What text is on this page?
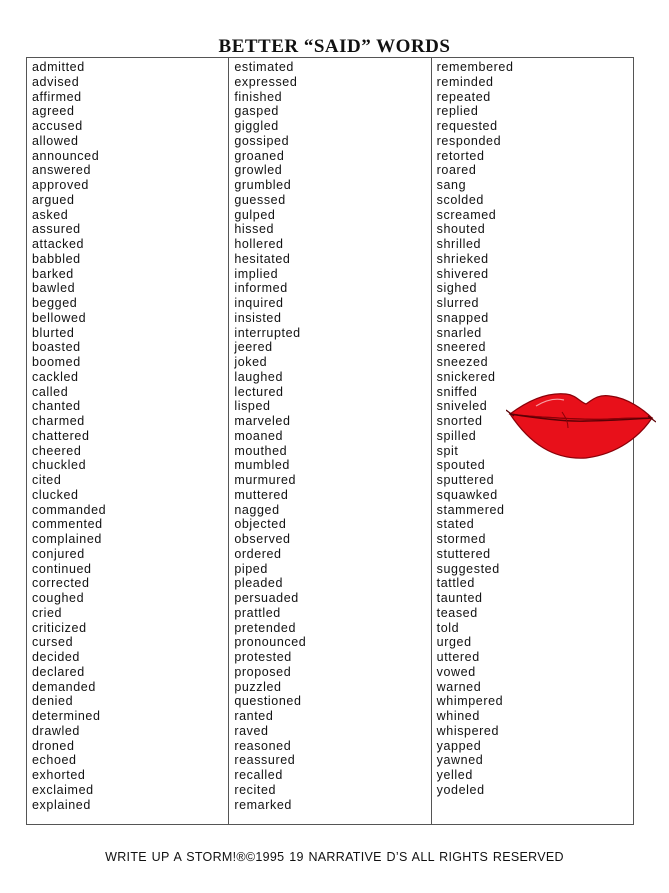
BETTER “SAID” WORDS
admitted
advised
affirmed
agreed
accused
allowed
announced
answered
approved
argued
asked
assured
attacked
babbled
barked
bawled
begged
bellowed
blurted
boasted
boomed
cackled
called
chanted
charmed
chattered
cheered
chuckled
cited
clucked
commanded
commented
complained
conjured
continued
corrected
coughed
cried
criticized
cursed
decided
declared
demanded
denied
determined
drawled
droned
echoed
exhorted
exclaimed
explained
estimated
expressed
finished
gasped
giggled
gossiped
groaned
growled
grumbled
guessed
gulped
hissed
hollered
hesitated
implied
informed
inquired
insisted
interrupted
jeered
joked
laughed
lectured
lisped
marveled
moaned
mouthed
mumbled
murmured
muttered
nagged
objected
observed
ordered
piped
pleaded
persuaded
prattled
pretended
pronounced
protested
proposed
puzzled
questioned
ranted
raved
reasoned
reassured
recalled
recited
remarked
remembered
reminded
repeated
replied
requested
responded
retorted
roared
sang
scolded
screamed
shouted
shrilled
shrieked
shivered
sighed
slurred
snapped
snarled
sneered
sneezed
snickered
sniffed
sniveled
snorted
spilled
spit
spouted
sputtered
squawked
stammered
stated
stormed
stuttered
suggested
tattled
taunted
teased
told
urged
uttered
vowed
warned
whimpered
whined
whispered
yapped
yawned
yelled
yodeled
WRITE UP A STORM!®©1995 19 NARRATIVE D’S ALL RIGHTS RESERVED
